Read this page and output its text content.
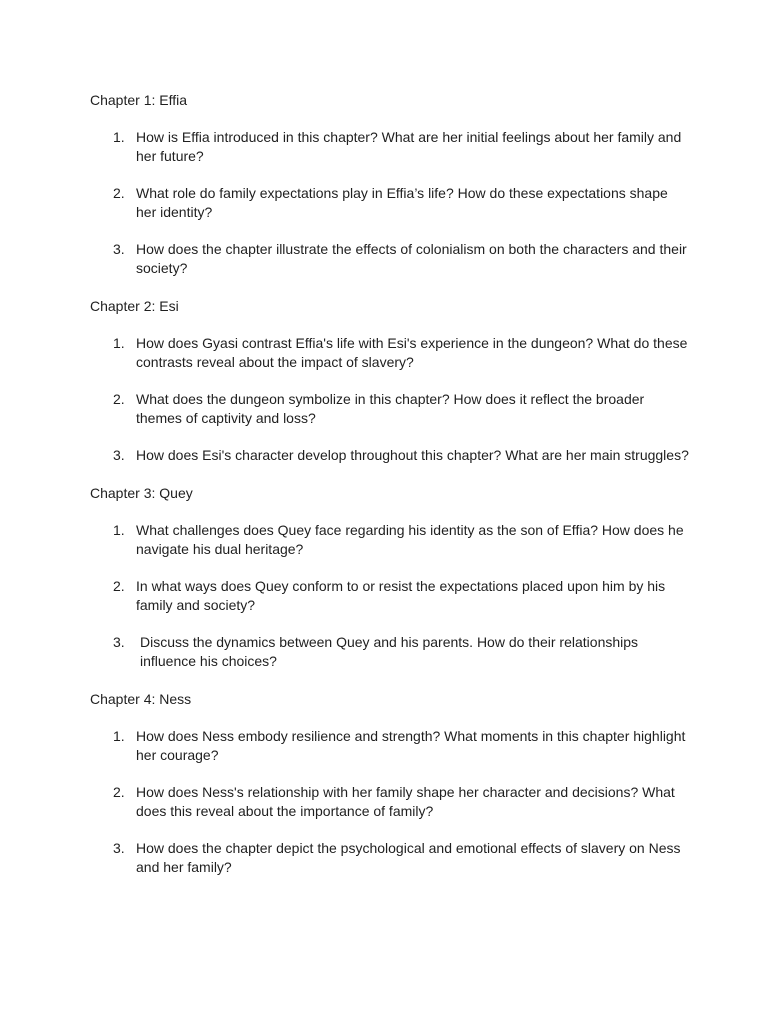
Chapter 1: Effia

1. How is Effia introduced in this chapter? What are her initial feelings about her family and her future?
2. What role do family expectations play in Effia’s life? How do these expectations shape her identity?
3. How does the chapter illustrate the effects of colonialism on both the characters and their society?

Chapter 2: Esi

1. How does Gyasi contrast Effia's life with Esi's experience in the dungeon? What do these contrasts reveal about the impact of slavery?
2. What does the dungeon symbolize in this chapter? How does it reflect the broader themes of captivity and loss?
3. How does Esi's character develop throughout this chapter? What are her main struggles?

Chapter 3: Quey

1. What challenges does Quey face regarding his identity as the son of Effia? How does he navigate his dual heritage?
2. In what ways does Quey conform to or resist the expectations placed upon him by his family and society?
3. Discuss the dynamics between Quey and his parents. How do their relationships influence his choices?

Chapter 4: Ness

1. How does Ness embody resilience and strength? What moments in this chapter highlight her courage?
2. How does Ness's relationship with her family shape her character and decisions? What does this reveal about the importance of family?
3. How does the chapter depict the psychological and emotional effects of slavery on Ness and her family?
